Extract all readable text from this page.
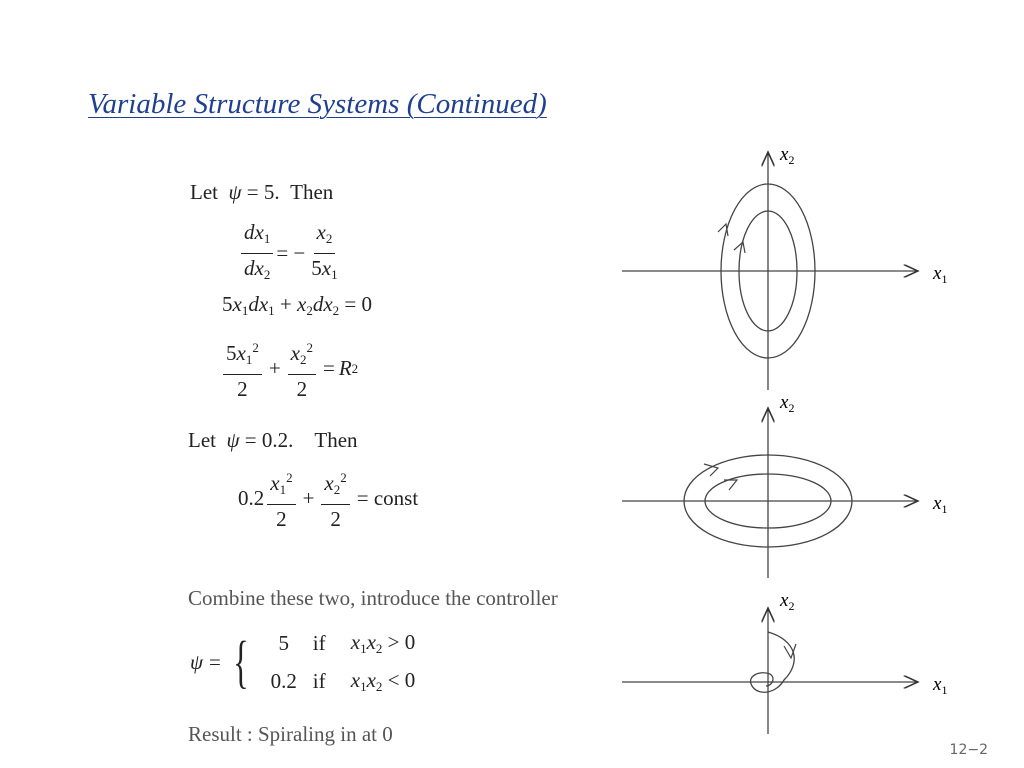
Variable Structure Systems (Continued)
Let ψ = 5. Then
$\frac{dx_1}{dx_2}$ = − $\frac{x_2}{5x_1}$
$5x_1dx_1 + x_2dx_2 = 0$
$\frac{5x_1^2}{2} + \frac{x_2^2}{2} = R$ 2
Let ψ = 0.2. Then
$0.2 \frac{x_1^2}{2} + \frac{x_2^2}{2}$ = const
Combine these two, introduce the controller
ψ = {	5	if	$x_1x_2 > 0$
0.2 if	$x_1x_2 < 0$
Result : Spiraling in at 0
$x_2$
$x_1$
$x_2$
$x_1$
$x_2$
$x_1$
12−2
